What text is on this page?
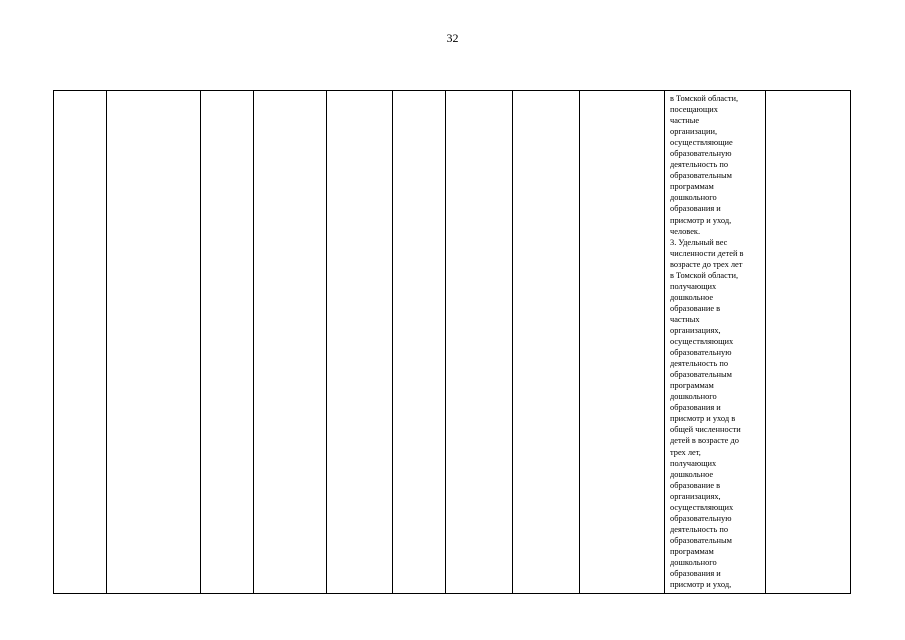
32

в Томской области,
посещающих
частные
организации,
осуществляющие
образовательную
деятельность по
образовательным
программам
дошкольного
образования и
присмотр и уход,
человек.
3. Удельный вес
численности детей в
возрасте до трех лет
в Томской области,
получающих
дошкольное
образование в
частных
организациях,
осуществляющих
образовательную
деятельность по
образовательным
программам
дошкольного
образования и
присмотр и уход в
общей численности
детей в возрасте до
трех лет,
получающих
дошкольное
образование в
организациях,
осуществляющих
образовательную
деятельность по
образовательным
программам
дошкольного
образования и
присмотр и уход,
